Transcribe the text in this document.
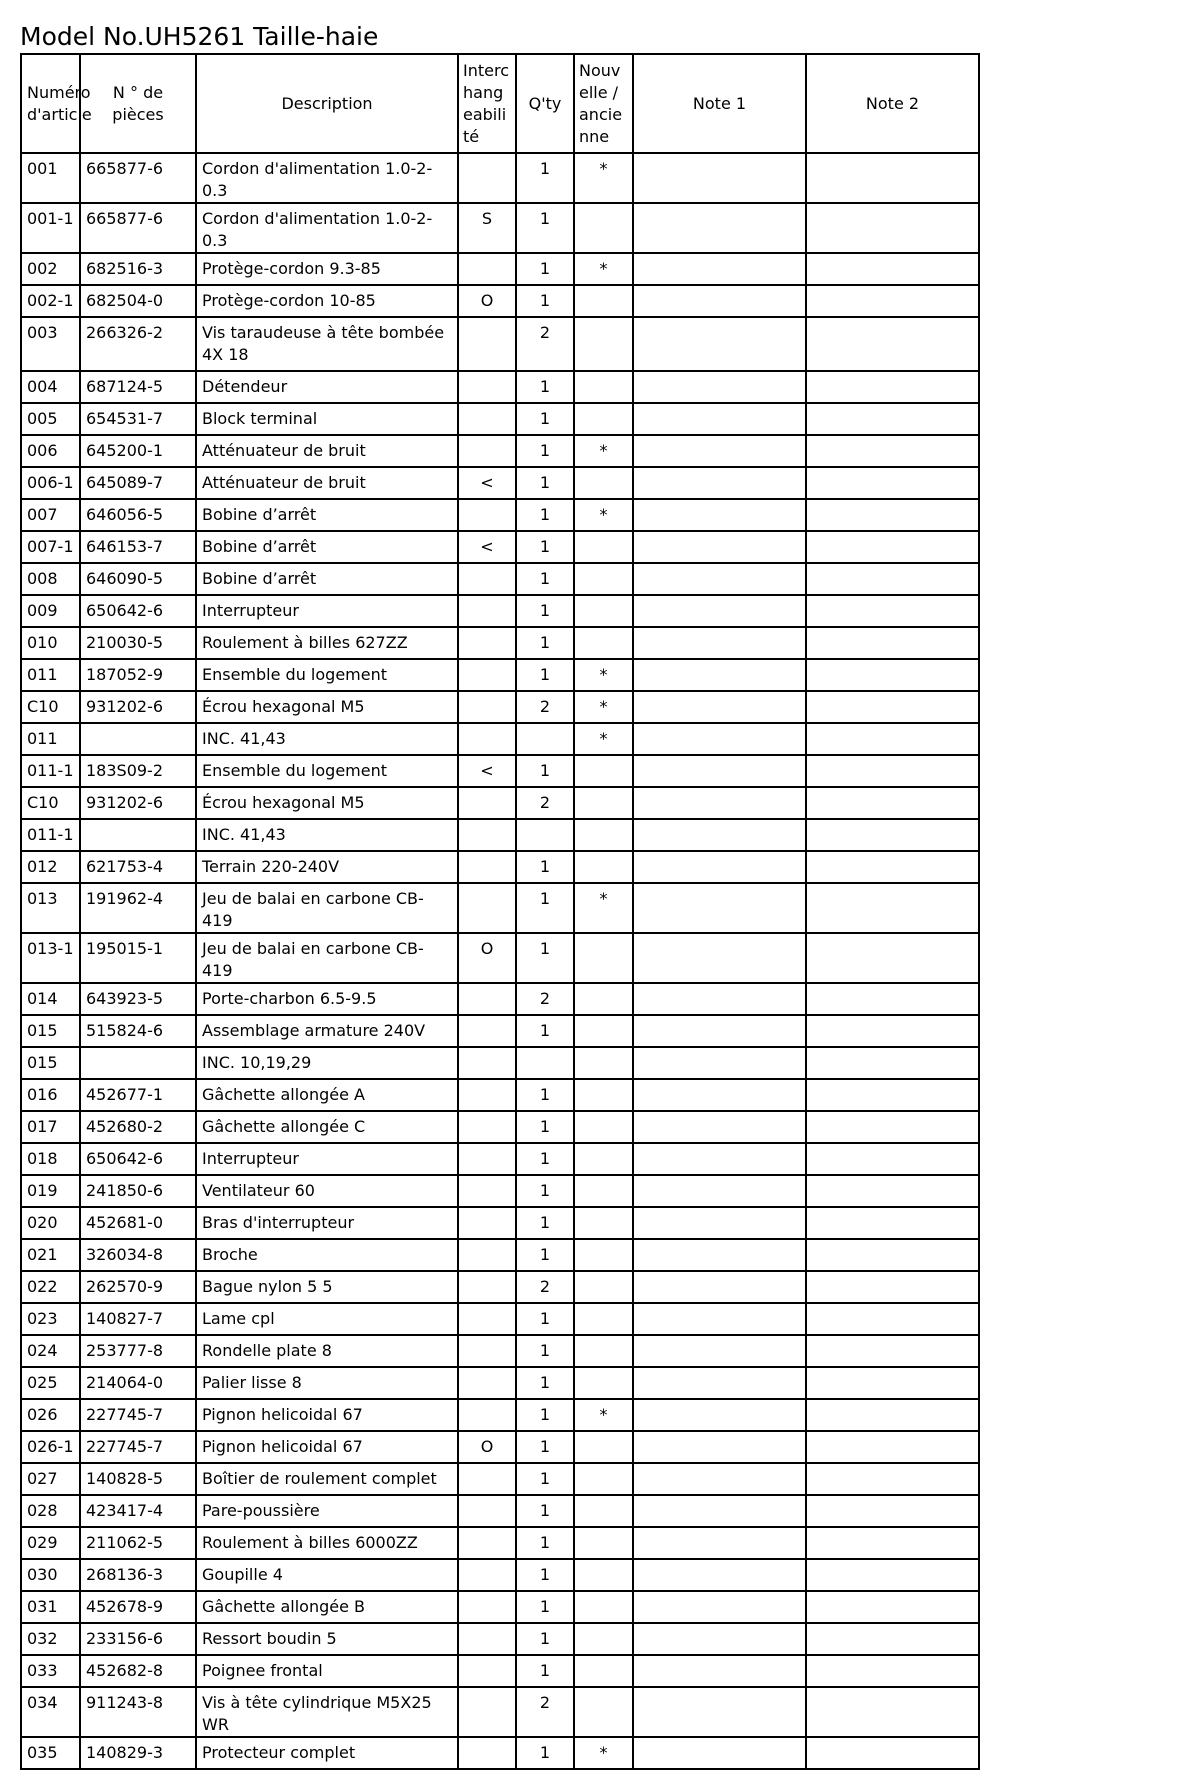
Model No.UH5261 Taille-haie
Numéro d'article	N ° de pièces	Description	Interchangeabilité	Q'ty	Nouvelle / ancienne	Note 1	Note 2
001	665877-6	Cordon d'alimentation 1.0-2-0.3		1	*		
001-1	665877-6	Cordon d'alimentation 1.0-2-0.3	S	1			
002	682516-3	Protège-cordon 9.3-85		1	*		
002-1	682504-0	Protège-cordon 10-85	O	1			
003	266326-2	Vis taraudeuse à tête bombée 4X 18		2			
004	687124-5	Détendeur		1			
005	654531-7	Block terminal		1			
006	645200-1	Atténuateur de bruit		1	*		
006-1	645089-7	Atténuateur de bruit	<	1			
007	646056-5	Bobine d’arrêt		1	*		
007-1	646153-7	Bobine d’arrêt	<	1			
008	646090-5	Bobine d’arrêt		1			
009	650642-6	Interrupteur		1			
010	210030-5	Roulement à billes 627ZZ		1			
011	187052-9	Ensemble du logement		1	*		
C10	931202-6	Écrou hexagonal M5		2	*		
011		INC. 41,43			*		
011-1	183S09-2	Ensemble du logement	<	1			
C10	931202-6	Écrou hexagonal M5		2			
011-1		INC. 41,43					
012	621753-4	Terrain 220-240V		1			
013	191962-4	Jeu de balai en carbone CB-419		1	*		
013-1	195015-1	Jeu de balai en carbone CB-419	O	1			
014	643923-5	Porte-charbon 6.5-9.5		2			
015	515824-6	Assemblage armature 240V		1			
015		INC. 10,19,29					
016	452677-1	Gâchette allongée A		1			
017	452680-2	Gâchette allongée C		1			
018	650642-6	Interrupteur		1			
019	241850-6	Ventilateur 60		1			
020	452681-0	Bras d'interrupteur		1			
021	326034-8	Broche		1			
022	262570-9	Bague nylon 5 5		2			
023	140827-7	Lame cpl		1			
024	253777-8	Rondelle plate 8		1			
025	214064-0	Palier lisse 8		1			
026	227745-7	Pignon helicoidal 67		1	*		
026-1	227745-7	Pignon helicoidal 67	O	1			
027	140828-5	Boîtier de roulement complet		1			
028	423417-4	Pare-poussière		1			
029	211062-5	Roulement à billes 6000ZZ		1			
030	268136-3	Goupille 4		1			
031	452678-9	Gâchette allongée B		1			
032	233156-6	Ressort boudin 5		1			
033	452682-8	Poignee frontal		1			
034	911243-8	Vis à tête cylindrique M5X25 WR		2			
035	140829-3	Protecteur complet		1	*		
